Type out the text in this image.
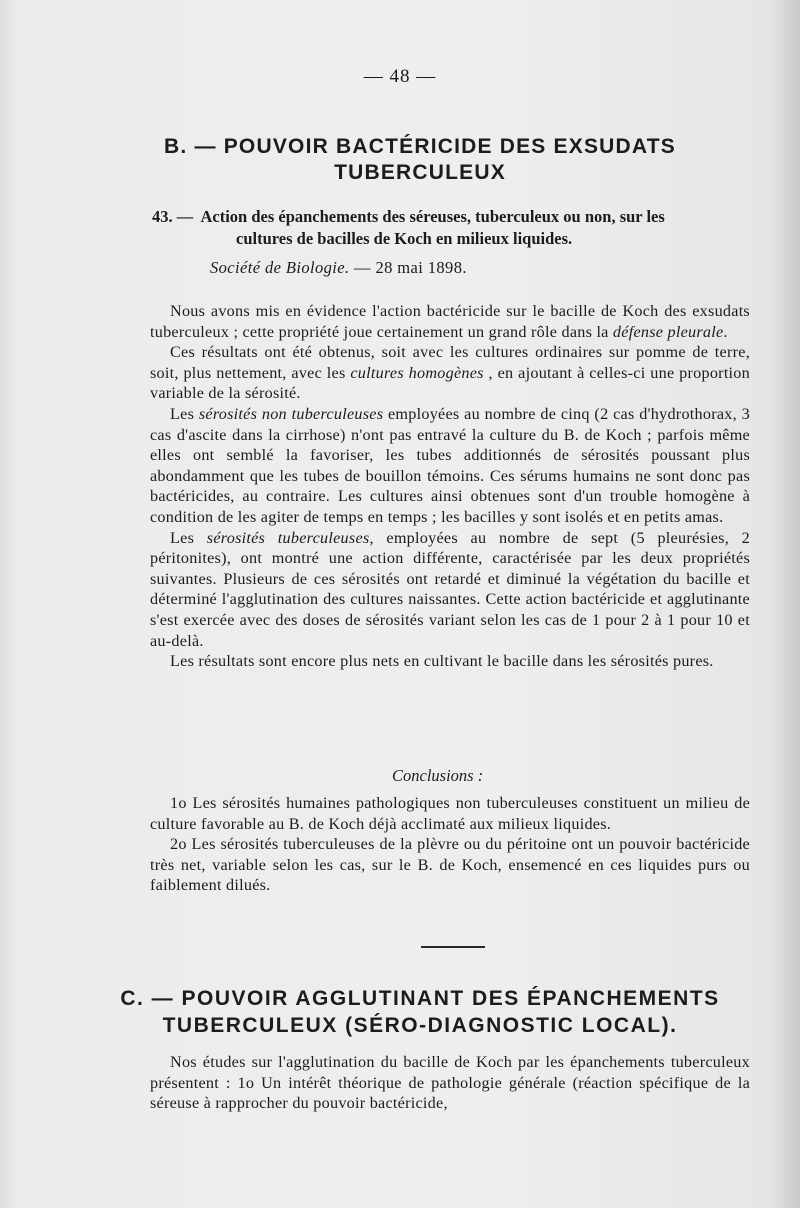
— 48 —
B. — POUVOIR BACTÉRICIDE DES EXSUDATS TUBERCULEUX
43. — Action des épanchements des séreuses, tuberculeux ou non, sur les
cultures de bacilles de Koch en milieux liquides.
Société de Biologie. — 28 mai 1898.

Nous avons mis en évidence l'action bactéricide sur le bacille de Koch des exsudats tuberculeux ; cette propriété joue certainement un grand rôle dans la défense pleurale.

Ces résultats ont été obtenus, soit avec les cultures ordinaires sur pomme de terre, soit, plus nettement, avec les cultures homogènes , en ajoutant à celles-ci une proportion variable de la sérosité.

Les sérosités non tuberculeuses employées au nombre de cinq (2 cas d'hydrothorax, 3 cas d'ascite dans la cirrhose) n'ont pas entravé la culture du B. de Koch ; parfois même elles ont semblé la favoriser, les tubes additionnés de sérosités poussant plus abondamment que les tubes de bouillon témoins. Ces sérums humains ne sont donc pas bactéricides, au contraire. Les cultures ainsi obtenues sont d'un trouble homogène à condition de les agiter de temps en temps ; les bacilles y sont isolés et en petits amas.

Les sérosités tuberculeuses, employées au nombre de sept (5 pleurésies, 2 péritonites), ont montré une action différente, caractérisée par les deux propriétés suivantes. Plusieurs de ces sérosités ont retardé et diminué la végétation du bacille et déterminé l'agglutination des cultures naissantes. Cette action bactéricide et agglutinante s'est exercée avec des doses de sérosités variant selon les cas de 1 pour 2 à 1 pour 10 et au-delà.

Les résultats sont encore plus nets en cultivant le bacille dans les sérosités pures.

Conclusions :

1o Les sérosités humaines pathologiques non tuberculeuses constituent un milieu de culture favorable au B. de Koch déjà acclimaté aux milieux liquides.

2o Les sérosités tuberculeuses de la plèvre ou du péritoine ont un pouvoir bactéricide très net, variable selon les cas, sur le B. de Koch, ensemencé en ces liquides purs ou faiblement dilués.

C. — POUVOIR AGGLUTINANT DES ÉPANCHEMENTS TUBERCULEUX (SÉRO-DIAGNOSTIC LOCAL).

Nos études sur l'agglutination du bacille de Koch par les épanchements tuberculeux présentent : 1o Un intérêt théorique de pathologie générale (réaction spécifique de la séreuse à rapprocher du pouvoir bactéricide,
